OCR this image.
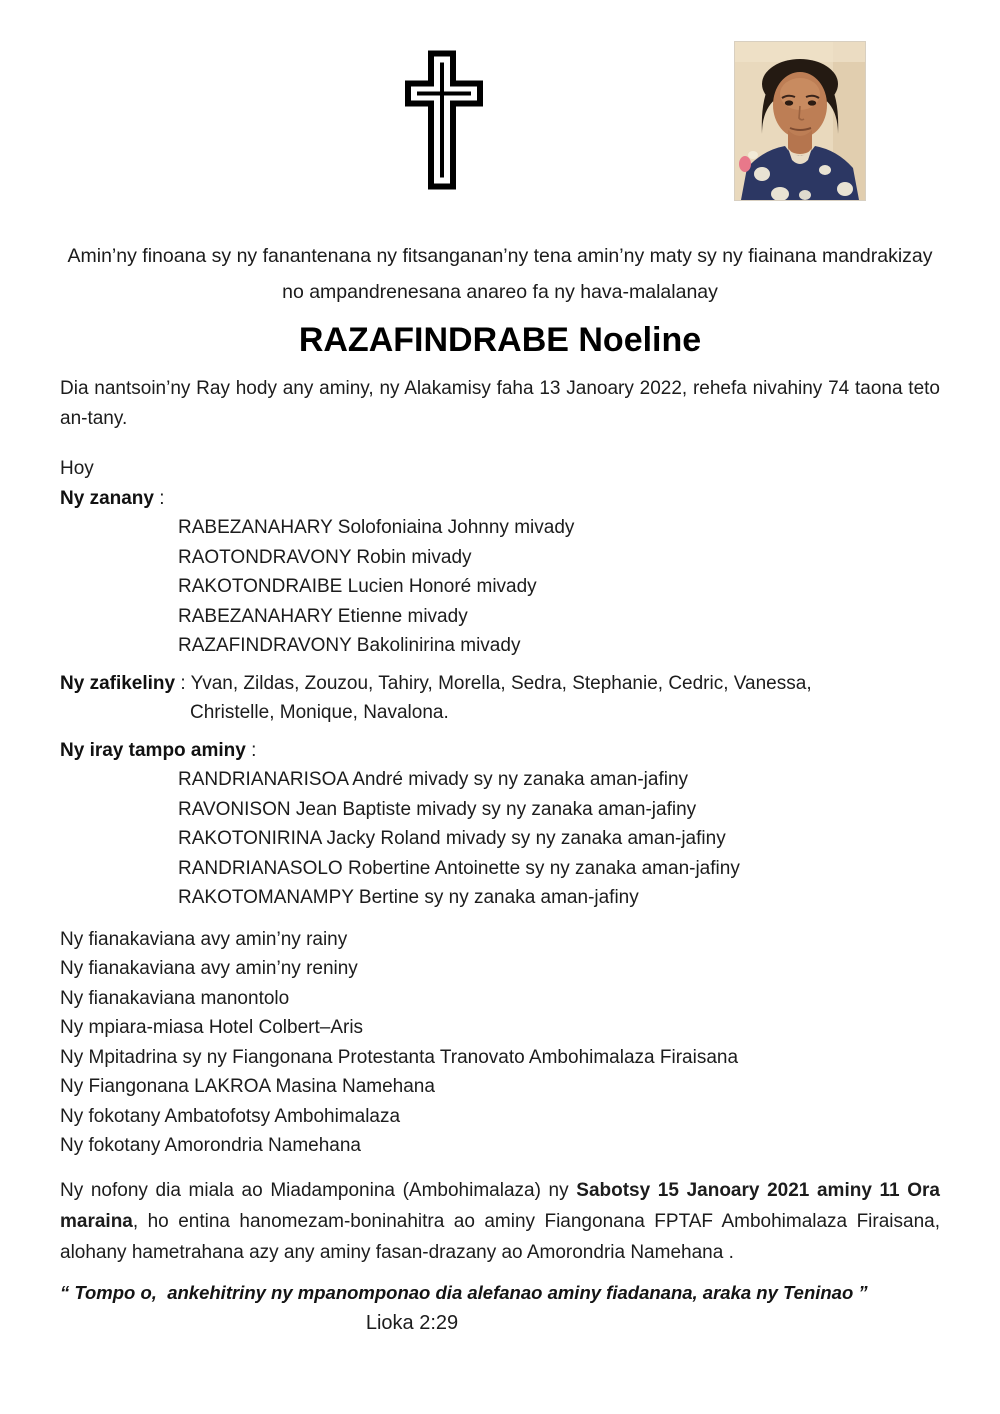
Amin’ny finoana sy ny fanantenana ny fitsanganan’ny tena amin’ny maty sy ny fiainana mandrakizay no ampandrenesana anareo fa ny hava-malalanay

RAZAFINDRABE Noeline

Dia nantsoin’ny Ray hody any aminy, ny Alakamisy faha 13 Janoary 2022, rehefa nivahiny 74 taona teto an-tany.

Hoy
Ny zanany :
RABEZANAHARY Solofoniaina Johnny mivady
RAOTONDRAVONY Robin mivady
RAKOTONDRAIBE Lucien Honoré mivady
RABEZANAHARY Etienne mivady
RAZAFINDRAVONY Bakolinirina mivady

Ny zafikeliny : Yvan, Zildas, Zouzou, Tahiry, Morella, Sedra, Stephanie, Cedric, Vanessa,
Christelle, Monique, Navalona.

Ny iray tampo aminy :
RANDRIANARISOA André mivady sy ny zanaka aman-jafiny
RAVONISON Jean Baptiste mivady sy ny zanaka aman-jafiny
RAKOTONIRINA Jacky Roland mivady sy ny zanaka aman-jafiny
RANDRIANASOLO Robertine Antoinette sy ny zanaka aman-jafiny
RAKOTOMANAMPY Bertine sy ny zanaka aman-jafiny
Ny fianakaviana avy amin’ny rainy
Ny fianakaviana avy amin’ny reniny
Ny fianakaviana manontolo
Ny mpiara-miasa Hotel Colbert–Aris
Ny Mpitadrina sy ny Fiangonana Protestanta Tranovato Ambohimalaza Firaisana
Ny Fiangonana LAKROA Masina Namehana
Ny fokotany Ambatofotsy Ambohimalaza
Ny fokotany Amorondria Namehana

Ny nofony dia miala ao Miadamponina (Ambohimalaza) ny Sabotsy 15 Janoary 2021 aminy 11 Ora maraina, ho entina hanomezam-boninahitra ao aminy Fiangonana FPTAF Ambohimalaza Firaisana, alohany hametrahana azy any aminy fasan-drazany ao Amorondria Namehana .

“ Tompo o,  ankehitriny ny mpanomponao dia alefanao aminy fiadanana, araka ny Teninao ”

Lioka 2:29
